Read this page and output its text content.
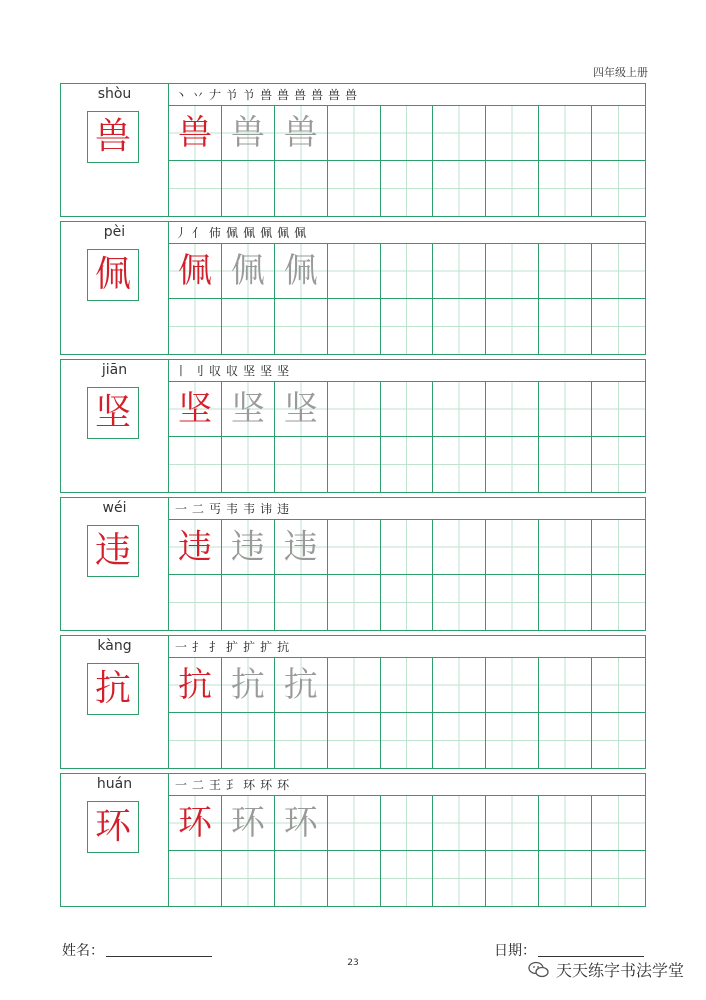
四年级上册
shòu
兽
丶 丷 𠂇 兯 兯 兽 兽 兽 兽 兽 兽
兽 兽 兽
pèi
佩
丿 亻 伂 佩 佩 佩 佩 佩
佩 佩 佩
jiān
坚
丨 刂 収 収 坚 坚 坚
坚 坚 坚
wéi
违
一 二 丐 韦 韦 讳 违
违 违 违
kàng
抗
一 扌 扌 扩 扩 扩 抗
抗 抗 抗
huán
环
一 二 王 𤣩 环 环 环
环 环 环
姓名：	日期：
23	天天练字书法学堂
